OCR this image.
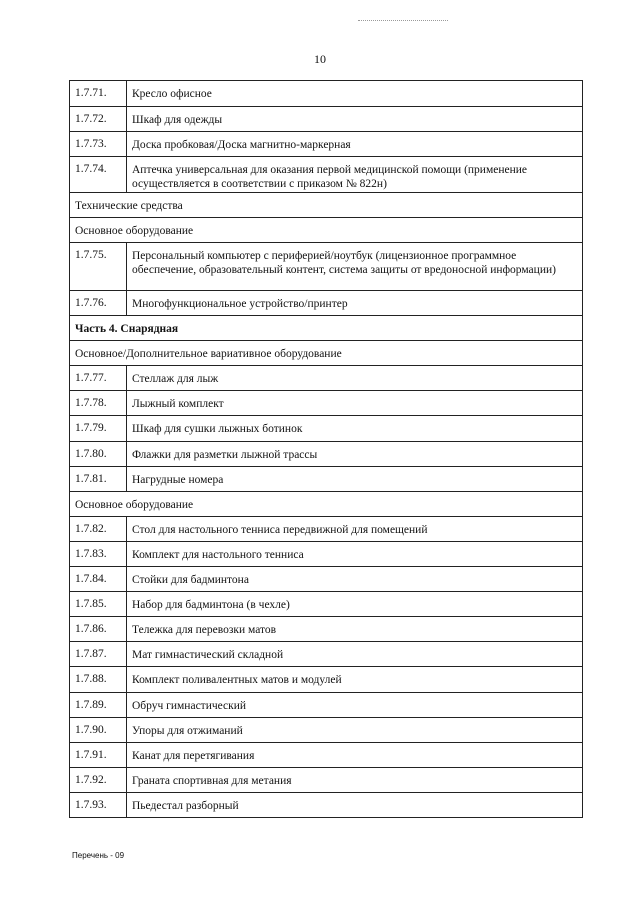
10
1.7.71.	Кресло офисное
1.7.72.	Шкаф для одежды
1.7.73.	Доска пробковая/Доска магнитно-маркерная
1.7.74.	Аптечка универсальная для оказания первой медицинской помощи (применение осуществляется в соответствии с приказом № 822н)
Технические средства
Основное оборудование
1.7.75.	Персональный компьютер с периферией/ноутбук (лицензионное программное обеспечение, образовательный контент, система защиты от вредоносной информации)
1.7.76.	Многофункциональное устройство/принтер
Часть 4. Снарядная
Основное/Дополнительное вариативное оборудование
1.7.77.	Стеллаж для лыж
1.7.78.	Лыжный комплект
1.7.79.	Шкаф для сушки лыжных ботинок
1.7.80.	Флажки для разметки лыжной трассы
1.7.81.	Нагрудные номера
Основное оборудование
1.7.82.	Стол для настольного тенниса передвижной для помещений
1.7.83.	Комплект для настольного тенниса
1.7.84.	Стойки для бадминтона
1.7.85.	Набор для бадминтона (в чехле)
1.7.86.	Тележка для перевозки матов
1.7.87.	Мат гимнастический складной
1.7.88.	Комплект поливалентных матов и модулей
1.7.89.	Обруч гимнастический
1.7.90.	Упоры для отжиманий
1.7.91.	Канат для перетягивания
1.7.92.	Граната спортивная для метания
1.7.93.	Пьедестал разборный
Перечень - 09
